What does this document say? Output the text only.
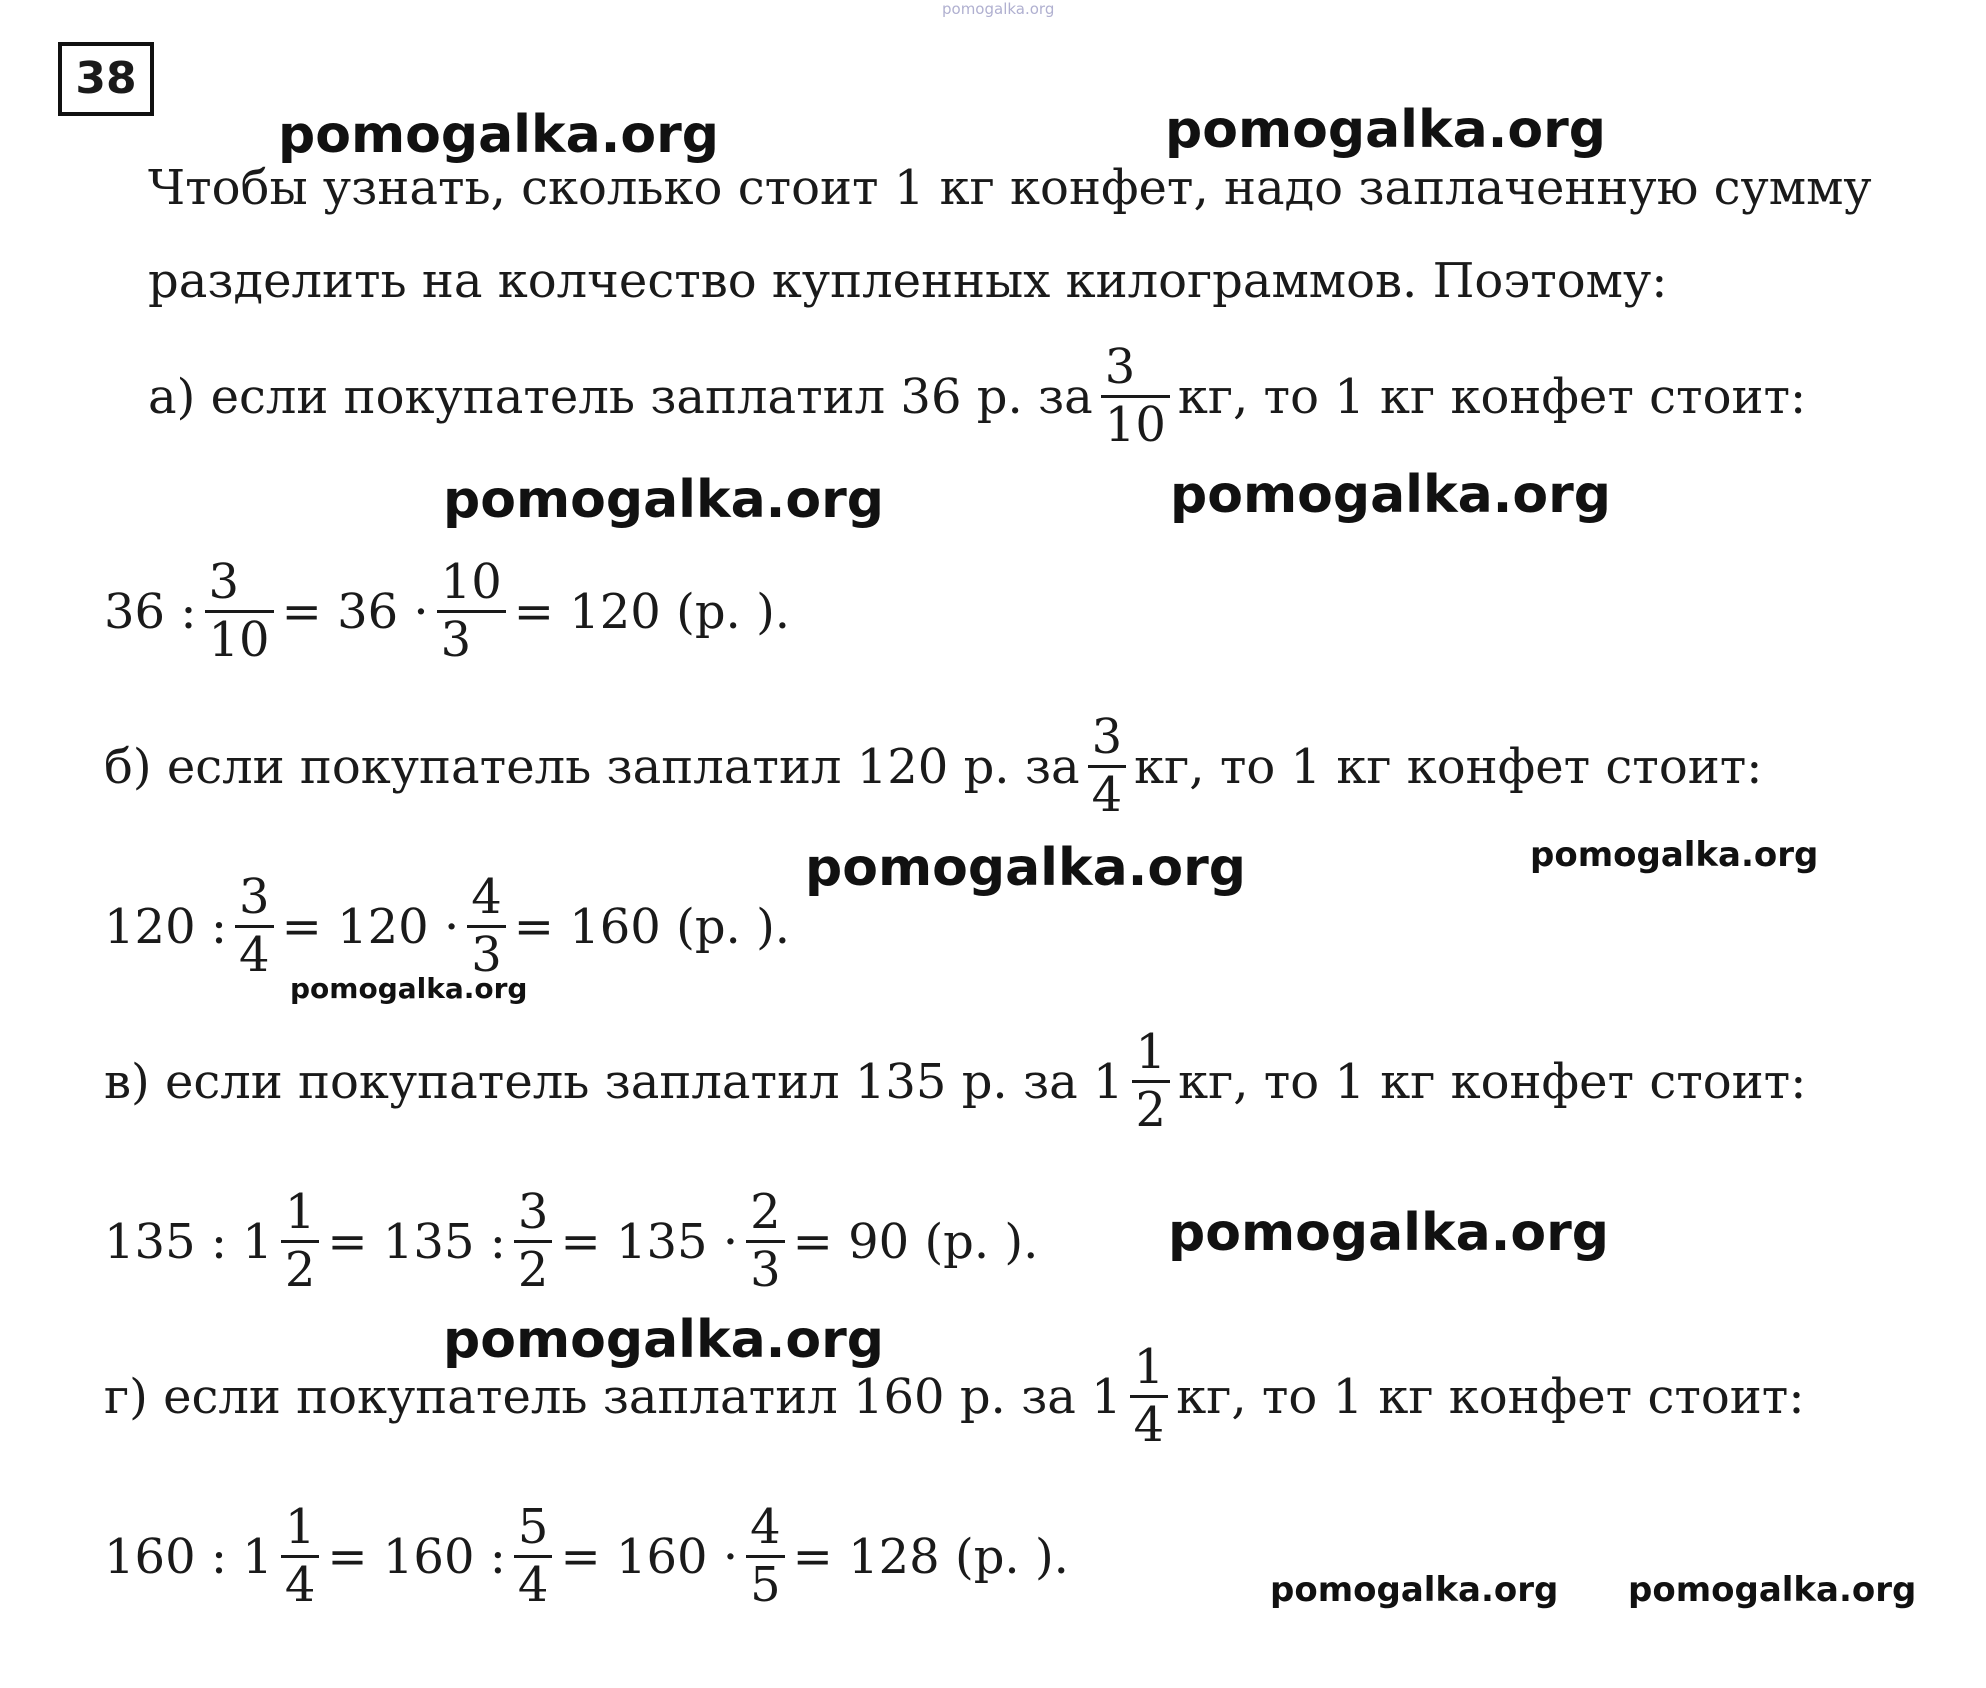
pomogalka.org
38
pomogalka.org	pomogalka.org
pomogalka.org	pomogalka.org
pomogalka.org	pomogalka.org
pomogalka.org
pomogalka.org
pomogalka.org
pomogalka.org pomogalka.org
Чтобы узнать, сколько стоит 1 кг конфет, надо заплаченную сумму
разделить на колчество купленных килограммов. Поэтому:
а) если покупатель заплатил 36 р. за $\frac{3}{10}$ кг, то 1 кг конфет стоит:
36 : $\frac{3}{10} = 36 \cdot \frac{10}{3} = 120$ (р. ).
б) если покупатель заплатил 120 р. за $\frac{3}{4}$ кг, то 1 кг конфет стоит:
120 : $\frac{3}{4} = 120 \cdot \frac{4}{3} = 160$ (р. ).
в) если покупатель заплатил 135 р. за $1 \frac{1}{2}$ кг, то 1 кг конфет стоит:
135 : $1 \frac{1}{2} = 135$ : $\frac{3}{2} = 135 \cdot \frac{2}{3} = 90$ (р. ).
г) если покупатель заплатил 160 р. за $1 \frac{1}{4}$ кг, то 1 кг конфет стоит:
160 : $1 \frac{1}{4} = 160$ : $\frac{5}{4} = 160 \cdot \frac{4}{5} = 128$ (р. ).
